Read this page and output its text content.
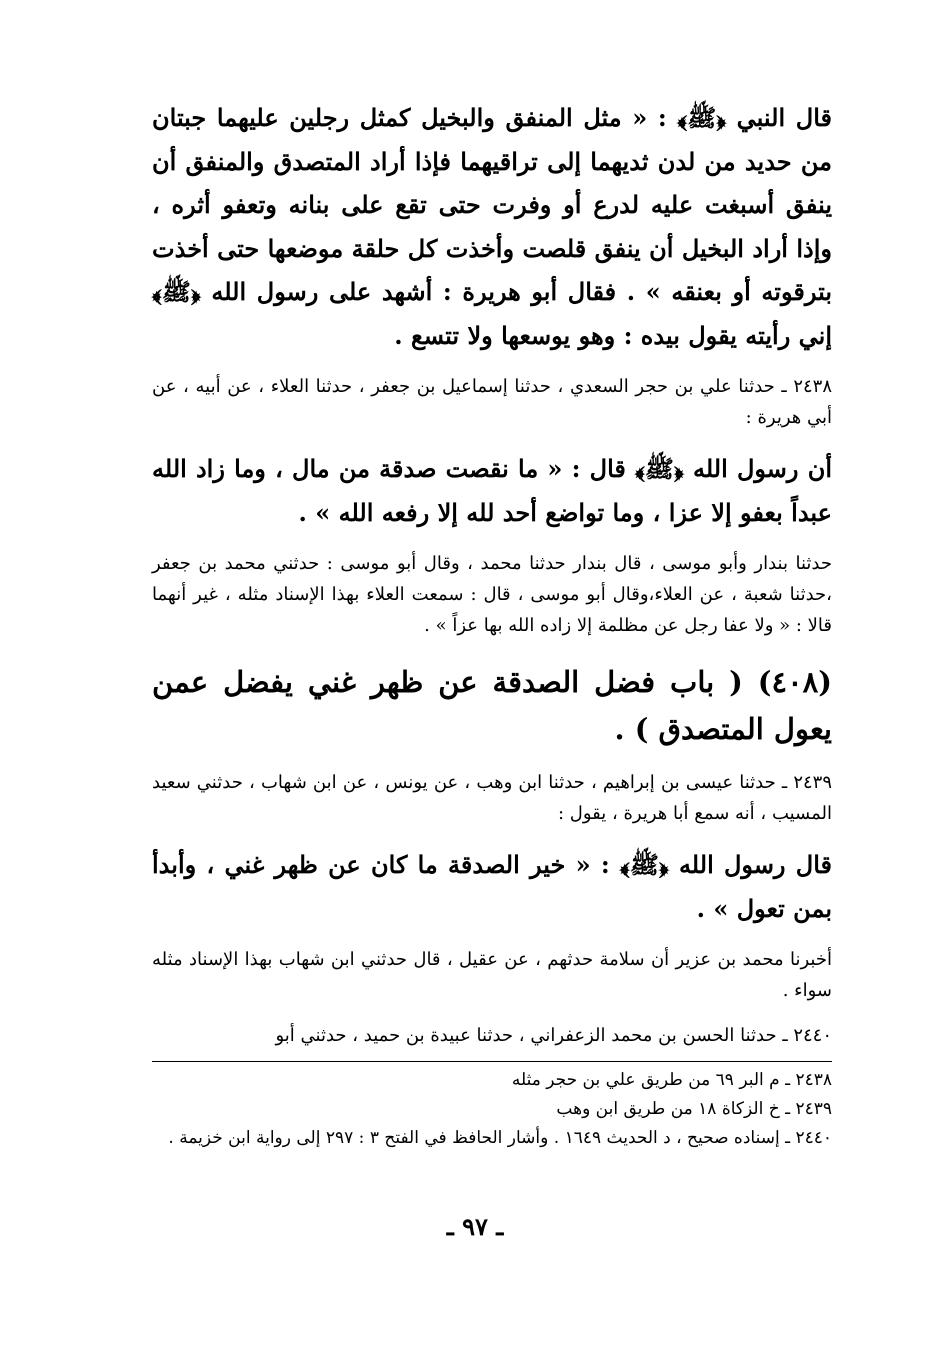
قال النبي ﴿ﷺ﴾ : « مثل المنفق والبخيل كمثل رجلين عليهما جبتان من حديد من لدن ثديهما إلى تراقيهما فإذا أراد المتصدق والمنفق أن ينفق أسبغت عليه لدرع أو وفرت حتى تقع على بنانه وتعفو أثره ، وإذا أراد البخيل أن ينفق قلصت وأخذت كل حلقة موضعها حتى أخذت بترقوته أو بعنقه » . فقال أبو هريرة : أشهد على رسول الله ﴿ﷺ﴾ إني رأيته يقول بيده : وهو يوسعها ولا تتسع .

٢٤٣٨ ـ حدثنا علي بن حجر السعدي ، حدثنا إسماعيل بن جعفر ، حدثنا العلاء ، عن أبيه ، عن أبي هريرة :

أن رسول الله ﴿ﷺ﴾ قال : « ما نقصت صدقة من مال ، وما زاد الله عبداً بعفو إلا عزا ، وما تواضع أحد لله إلا رفعه الله » .

حدثنا بندار وأبو موسى ، قال بندار حدثنا محمد ، وقال أبو موسى : حدثني محمد بن جعفر ،حدثنا شعبة ، عن العلاء،وقال أبو موسى ، قال : سمعت العلاء بهذا الإسناد مثله ، غير أنهما قالا : « ولا عفا رجل عن مظلمة إلا زاده الله بها عزاً » .

(٤٠٨) ( باب فضل الصدقة عن ظهر غني يفضل عمن يعول المتصدق ) .

٢٤٣٩ ـ حدثنا عيسى بن إبراهيم ، حدثنا ابن وهب ، عن يونس ، عن ابن شهاب ، حدثني سعيد المسيب ، أنه سمع أبا هريرة ، يقول :

قال رسول الله ﴿ﷺ﴾ : « خير الصدقة ما كان عن ظهر غني ، وأبدأ بمن تعول » .

أخبرنا محمد بن عزير أن سلامة حدثهم ، عن عقيل ، قال حدثني ابن شهاب بهذا الإسناد مثله سواء .

٢٤٤٠ ـ حدثنا الحسن بن محمد الزعفراني ، حدثنا عبيدة بن حميد ، حدثني أبو

٢٤٣٨ ـ م البر ٦٩ من طريق علي بن حجر مثله

٢٤٣٩ ـ خ الزكاة ١٨ من طريق ابن وهب

٢٤٤٠ ـ إسناده صحيح ، د الحديث ١٦٤٩ . وأشار الحافظ في الفتح ٣ : ٢٩٧ إلى رواية ابن خزيمة .

ـ ٩٧ ـ
